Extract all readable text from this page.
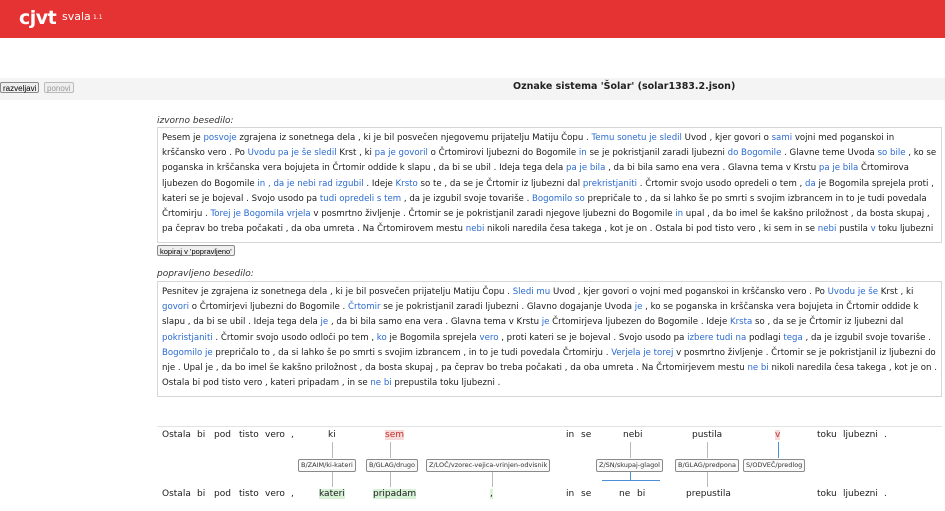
cjvt svala 1.1
razveljavi	ponovi	Oznake sistema 'Šolar' (solar1383.2.json)
izvorno besedilo:
Pesem je posvoje zgrajena iz sonetnega dela , ki je bil posvečen njegovemu prijatelju Matiju Čopu . Temu sonetu je sledil Uvod , kjer govori o sami vojni med poganskoi in krščansko vero . Po Uvodu pa je še sledil Krst , ki pa je govoril o Črtomirovi ljubezni do Bogomile in se je pokristjanil zaradi ljubezni do Bogomile . Glavne teme Uvoda so bile , ko se poganska in krščanska vera bojujeta in Črtomir oddide k slapu , da bi se ubil . Ideja tega dela pa je bila , da bi bila samo ena vera . Glavna tema v Krstu pa je bila Črtomirova ljubezen do Bogomile in , da je nebi rad izgubil . Ideje Krsto so te , da se je Črtomir iz ljubezni dal prekristjaniti . Črtomir svojo usodo opredeli o tem , da je Bogomila sprejela proti , kateri se je bojeval . Svojo usodo pa tudi opredeli s tem , da je izgubil svoje tovariše . Bogomilo so prepričale to , da si lahko še po smrti s svojim izbrancem in to je tudi povedala Črtomirju . Torej je Bogomila vrjela v posmrtno življenje . Črtomir se je pokristjanil zaradi njegove ljubezni do Bogomile in upal , da bo imel še kakšno priložnost , da bosta skupaj , pa čeprav bo treba počakati , da oba umreta . Na Črtomirovem mestu nebi nikoli naredila česa takega , kot je on . Ostala bi pod tisto vero , ki sem in se nebi pustila v toku ljubezni
kopiraj v 'popravljeno'
popravljeno besedilo:
Pesnitev je zgrajena iz sonetnega dela , ki je bil posvečen prijatelju Matiju Čopu . Sledi mu Uvod , kjer govori o vojni med poganskoi in krščansko vero . Po Uvodu je še Krst , ki govori o Črtomirjevi ljubezni do Bogomile . Črtomir se je pokristjanil zaradi ljubezni . Glavno dogajanje Uvoda je , ko se poganska in krščanska vera bojujeta in Črtomir oddide k slapu , da bi se ubil . Ideja tega dela je , da bi bila samo ena vera . Glavna tema v Krstu je Črtomirjeva ljubezen do Bogomile . Ideje Krsta so , da se je Črtomir iz ljubezni dal pokristjaniti . Črtomir svojo usodo odloči po tem , ko je Bogomila sprejela vero , proti kateri se je bojeval . Svojo usodo pa izbere tudi na podlagi tega , da je izgubil svoje tovariše . Bogomilo je prepričalo to , da si lahko še po smrti s svojim izbrancem , in to je tudi povedala Črtomirju . Verjela je torej v posmrtno življenje . Črtomir se je pokristjanil iz ljubezni do nje . Upal je , da bo imel še kakšno priložnost , da bosta skupaj , pa čeprav bo treba počakati , da oba umreta . Na Črtomirjevem mestu ne bi nikoli naredila česa takega , kot je on . Ostala bi pod tisto vero , kateri pripadam , in se ne bi prepustila toku ljubezni .
Ostala bi pod tisto vero ,	ki	sem	in se	nebi	pustila	v	toku ljubezni .
B/ZAIM/ki-kateri	B/GLAG/drugo	Z/LOČ/vzorec-vejica-vrinjen-odvisnik	Z/SN/skupaj-glagol	B/GLAG/predpona	S/ODVEČ/predlog
Ostala bi pod tisto vero ,	kateri	pripadam	,	in se	ne bi	prepustila	toku ljubezni .
